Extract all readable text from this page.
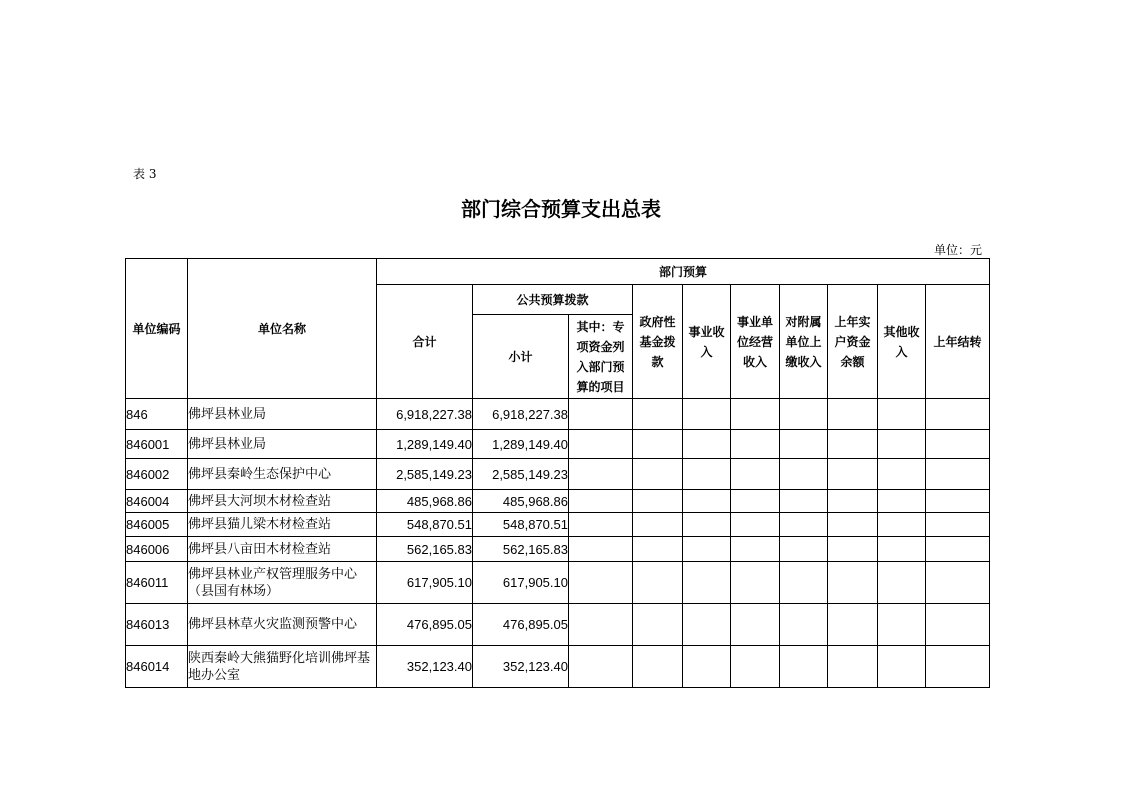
表 3
部门综合预算支出总表
单位：元
单位编码	单位名称	部门预算									
		合计	公共预算拨款		政府性基金拨款	事业收入	事业单位经营收入	对附属单位上缴收入	上年实户资金余额	其他收入	上年结转
			小计	其中：专项资金列入部门预算的项目							
846	佛坪县林业局	6,918,227.38	6,918,227.38								
846001	佛坪县林业局	1,289,149.40	1,289,149.40								
846002	佛坪县秦岭生态保护中心	2,585,149.23	2,585,149.23								
846004	佛坪县大河坝木材检查站	485,968.86	485,968.86								
846005	佛坪县猫儿梁木材检查站	548,870.51	548,870.51								
846006	佛坪县八亩田木材检查站	562,165.83	562,165.83								
846011	佛坪县林业产权管理服务中心（县国有林场）	617,905.10	617,905.10								
846013	佛坪县林草火灾监测预警中心	476,895.05	476,895.05								
846014	陕西秦岭大熊猫野化培训佛坪基地办公室	352,123.40	352,123.40								
